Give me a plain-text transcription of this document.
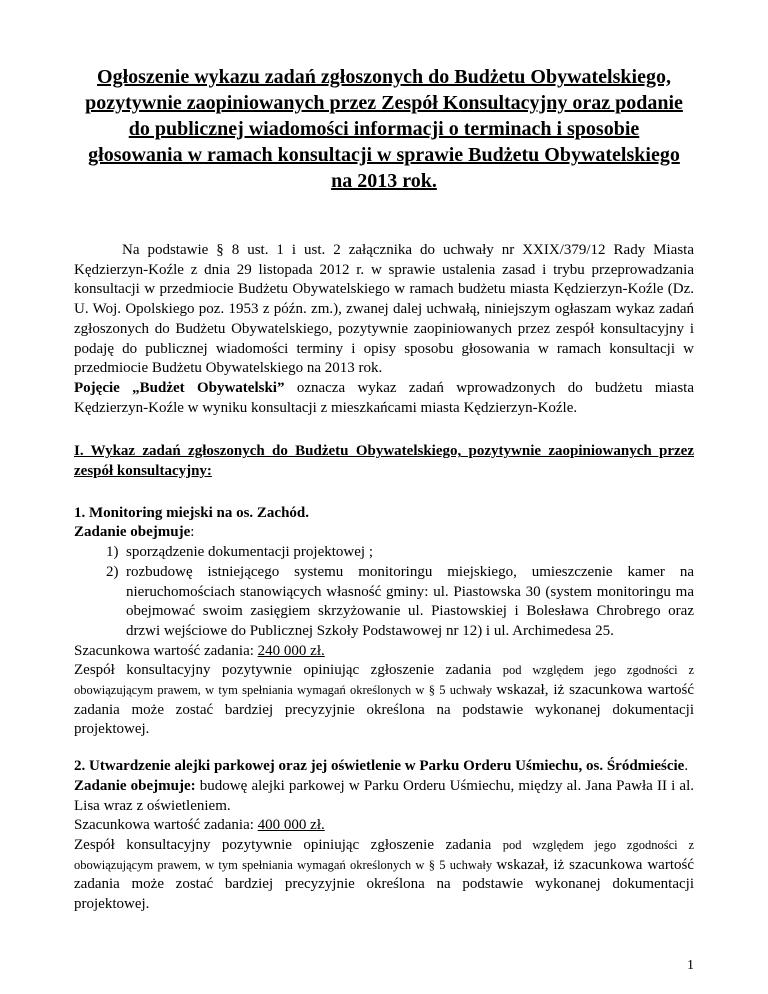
Ogłoszenie wykazu zadań zgłoszonych do Budżetu Obywatelskiego,
pozytywnie zaopiniowanych przez Zespół Konsultacyjny oraz podanie
do publicznej wiadomości informacji o terminach i sposobie
głosowania w ramach konsultacji w sprawie Budżetu Obywatelskiego
na 2013 rok.

Na podstawie § 8 ust. 1 i ust. 2 załącznika do uchwały nr XXIX/379/12 Rady Miasta Kędzierzyn-Koźle z dnia 29 listopada 2012 r. w sprawie ustalenia zasad i trybu przeprowadzania konsultacji w przedmiocie Budżetu Obywatelskiego w ramach budżetu miasta Kędzierzyn-Koźle (Dz. U. Woj. Opolskiego poz. 1953 z późn. zm.), zwanej dalej uchwałą, niniejszym ogłaszam wykaz zadań zgłoszonych do Budżetu Obywatelskiego, pozytywnie zaopiniowanych przez zespół konsultacyjny i podaję do publicznej wiadomości terminy i opisy sposobu głosowania w ramach konsultacji w przedmiocie Budżetu Obywatelskiego na 2013 rok.

Pojęcie „Budżet Obywatelski” oznacza wykaz zadań wprowadzonych do budżetu miasta Kędzierzyn-Koźle w wyniku konsultacji z mieszkańcami miasta Kędzierzyn-Koźle.

I. Wykaz zadań zgłoszonych do Budżetu Obywatelskiego, pozytywnie zaopiniowanych przez zespół konsultacyjny:

1. Monitoring miejski na os. Zachód.

Zadanie obejmuje:

1) sporządzenie dokumentacji projektowej ;
2) rozbudowę istniejącego systemu monitoringu miejskiego, umieszczenie kamer na nieruchomościach stanowiących własność gminy: ul. Piastowska 30 (system monitoringu ma obejmować swoim zasięgiem skrzyżowanie ul. Piastowskiej i Bolesława Chrobrego oraz drzwi wejściowe do Publicznej Szkoły Podstawowej nr 12) i ul. Archimedesa 25.

Szacunkowa wartość zadania: 240 000 zł.

Zespół konsultacyjny pozytywnie opiniując zgłoszenie zadania pod względem jego zgodności z obowiązującym prawem, w tym spełniania wymagań określonych w § 5 uchwały wskazał, iż szacunkowa wartość zadania może zostać bardziej precyzyjnie określona na podstawie wykonanej dokumentacji projektowej.

2. Utwardzenie alejki parkowej oraz jej oświetlenie w Parku Orderu Uśmiechu, os. Śródmieście.

Zadanie obejmuje: budowę alejki parkowej w Parku Orderu Uśmiechu, między al. Jana Pawła II i al. Lisa wraz z oświetleniem.

Szacunkowa wartość zadania: 400 000 zł.

Zespół konsultacyjny pozytywnie opiniując zgłoszenie zadania pod względem jego zgodności z obowiązującym prawem, w tym spełniania wymagań określonych w § 5 uchwały wskazał, iż szacunkowa wartość zadania może zostać bardziej precyzyjnie określona na podstawie wykonanej dokumentacji projektowej.

1
